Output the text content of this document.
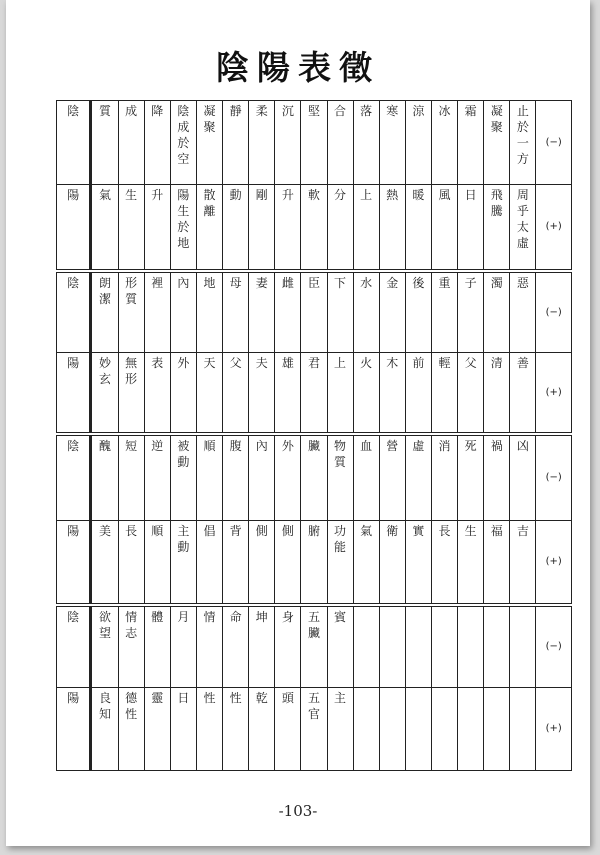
陰陽表徵
陰	質	成	降	陰成於空	凝聚	靜	柔	沉	堅	合	落	寒	涼	冰	霜	凝聚	止於一方	(−)

陽	氣	生	升	陽生於地	散離	動	剛	升	軟	分	上	熱	暖	風	日	飛騰	周乎太虛	(+)

陰	朗潔	形質	裡	內	地	母	妻	雌	臣	下	水	金	後	重	子	濁	惡	(−)

陽	妙玄	無形	表	外	天	父	夫	雄	君	上	火	木	前	輕	父	清	善	(+)

陰	醜	短	逆	被動	順	腹	內	外	臟	物質	血	營	虛	消	死	禍	凶	(−)

陽	美	長	順	主動	倡	背	側	側	腑	功能	氣	衛	實	長	生	福	吉	(+)

陰	欲望	情志	體	月	情	命	坤	身	五臟	賓								(−)

陽	良知	德性	靈	日	性	性	乾	頭	五官	主								(+)
-103-
